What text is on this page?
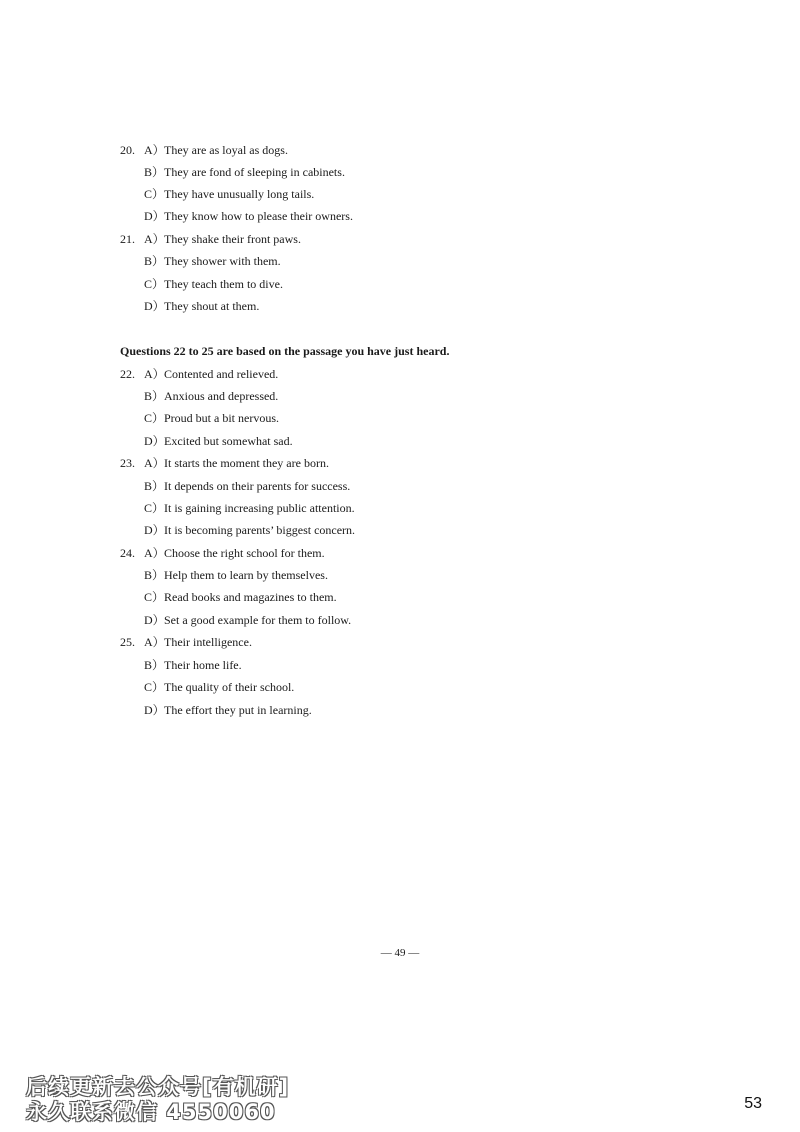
20. A）They are as loyal as dogs.
B）They are fond of sleeping in cabinets.
C）They have unusually long tails.
D）They know how to please their owners.
21. A）They shake their front paws.
B）They shower with them.
C）They teach them to dive.
D）They shout at them.
Questions 22 to 25 are based on the passage you have just heard.
22. A）Contented and relieved.
B）Anxious and depressed.
C）Proud but a bit nervous.
D）Excited but somewhat sad.
23. A）It starts the moment they are born.
B）It depends on their parents for success.
C）It is gaining increasing public attention.
D）It is becoming parents’ biggest concern.
24. A）Choose the right school for them.
B）Help them to learn by themselves.
C）Read books and magazines to them.
D）Set a good example for them to follow.
25. A）Their intelligence.
B）Their home life.
C）The quality of their school.
D）The effort they put in learning.
— 49 —
后续更新去公众号[有机研]
永久联系微信 4550060	53
